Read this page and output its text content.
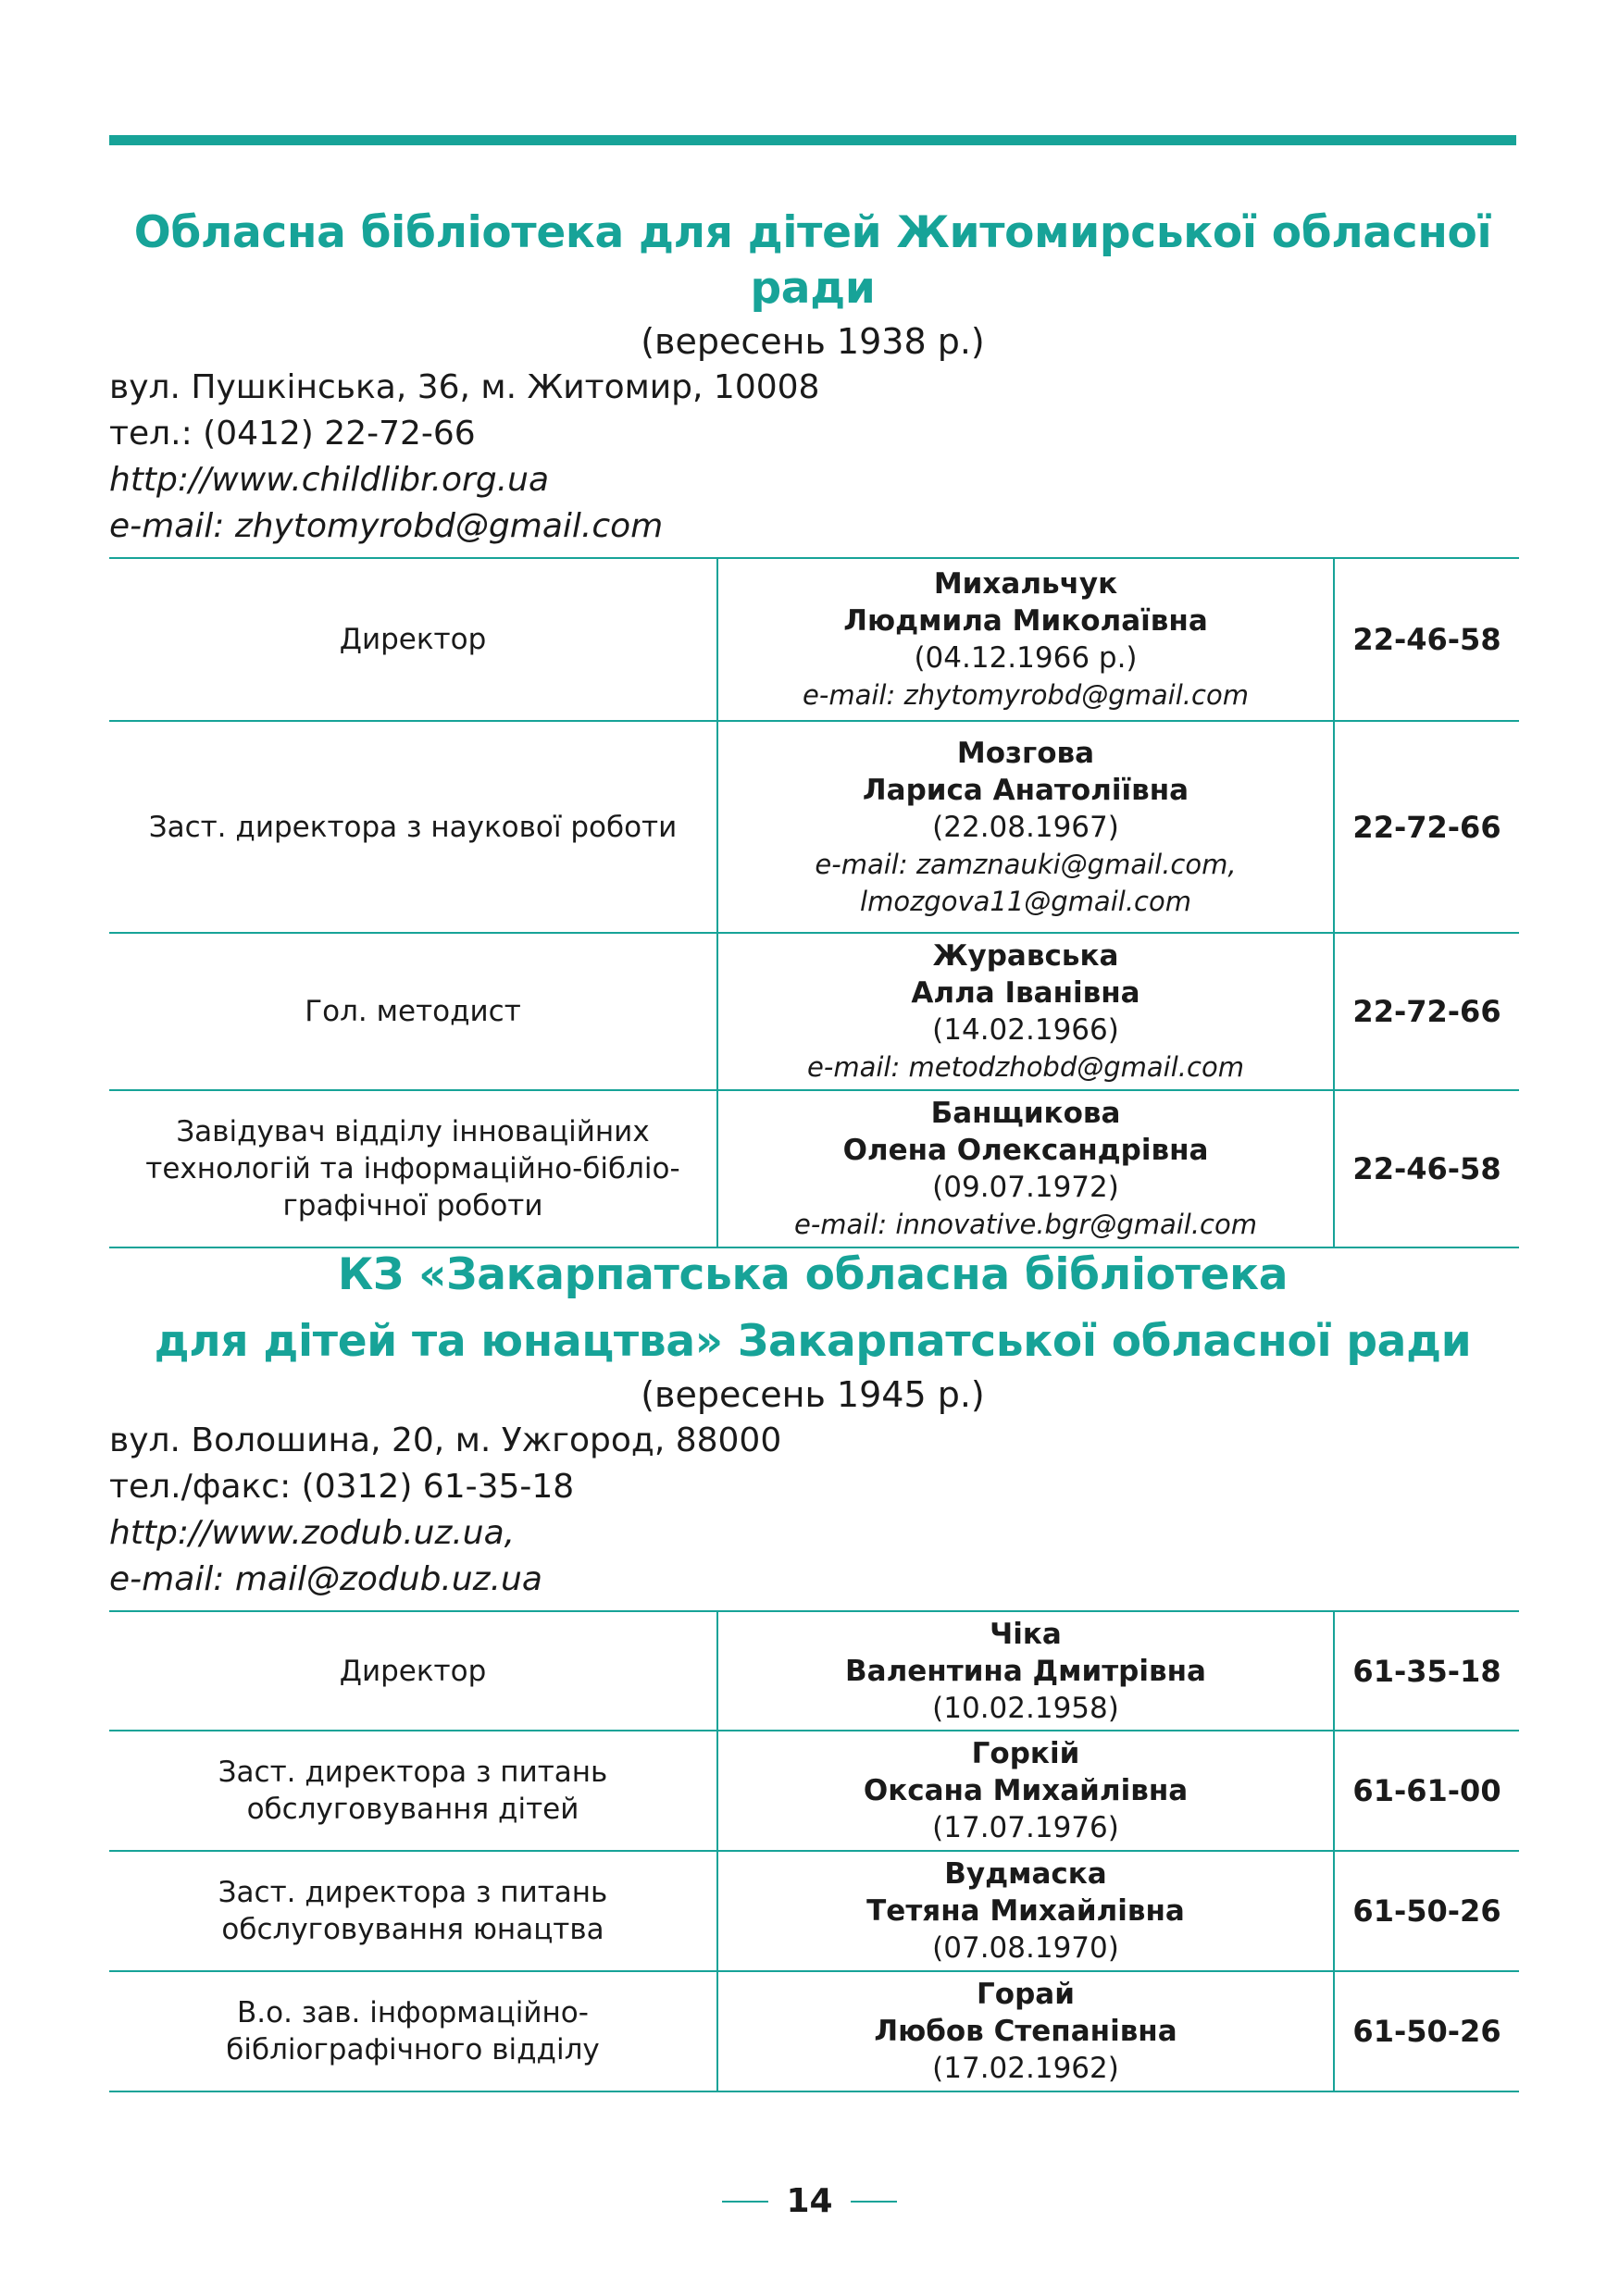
Обласна бібліотека для дітей Житомирської обласної ради

(вересень 1938 р.)

вул. Пушкінська, 36, м. Житомир, 10008

тел.: (0412) 22-72-66

http://www.childlibr.org.ua

e-mail: zhytomyrobd@gmail.com

Директор	Михальчук
Людмила Миколаївна
(04.12.1966 р.)
e-mail: zhytomyrobd@gmail.com	22-46-58
Заст. директора з наукової роботи	Мозгова
Лариса Анатоліївна
(22.08.1967)
e-mail: zamznauki@gmail.com,
lmozgova11@gmail.com	22-72-66
Гол. методист	Журавська
Алла Іванівна
(14.02.1966)
e-mail: metodzhobd@gmail.com	22-72-66
Завідувач відділу інноваційних технологій та інформаційно-бібліо-графічної роботи	Банщикова
Олена Олександрівна
(09.07.1972)
e-mail: innovative.bgr@gmail.com	22-46-58
КЗ «Закарпатська обласна бібліотека
для дітей та юнацтва» Закарпатської обласної ради

(вересень 1945 р.)

вул. Волошина, 20, м. Ужгород, 88000

тел./факс: (0312) 61-35-18

http://www.zodub.uz.ua,

e-mail: mail@zodub.uz.ua

Директор	Чіка
Валентина Дмитрівна
(10.02.1958)	61-35-18
Заст. директора з питань обслуговування дітей	Горкій
Оксана Михайлівна
(17.07.1976)	61-61-00
Заст. директора з питань обслуговування юнацтва	Вудмаска
Тетяна Михайлівна
(07.08.1970)	61-50-26
В.о. зав. інформаційно-бібліографічного відділу	Горай
Любов Степанівна
(17.02.1962)	61-50-26
14
